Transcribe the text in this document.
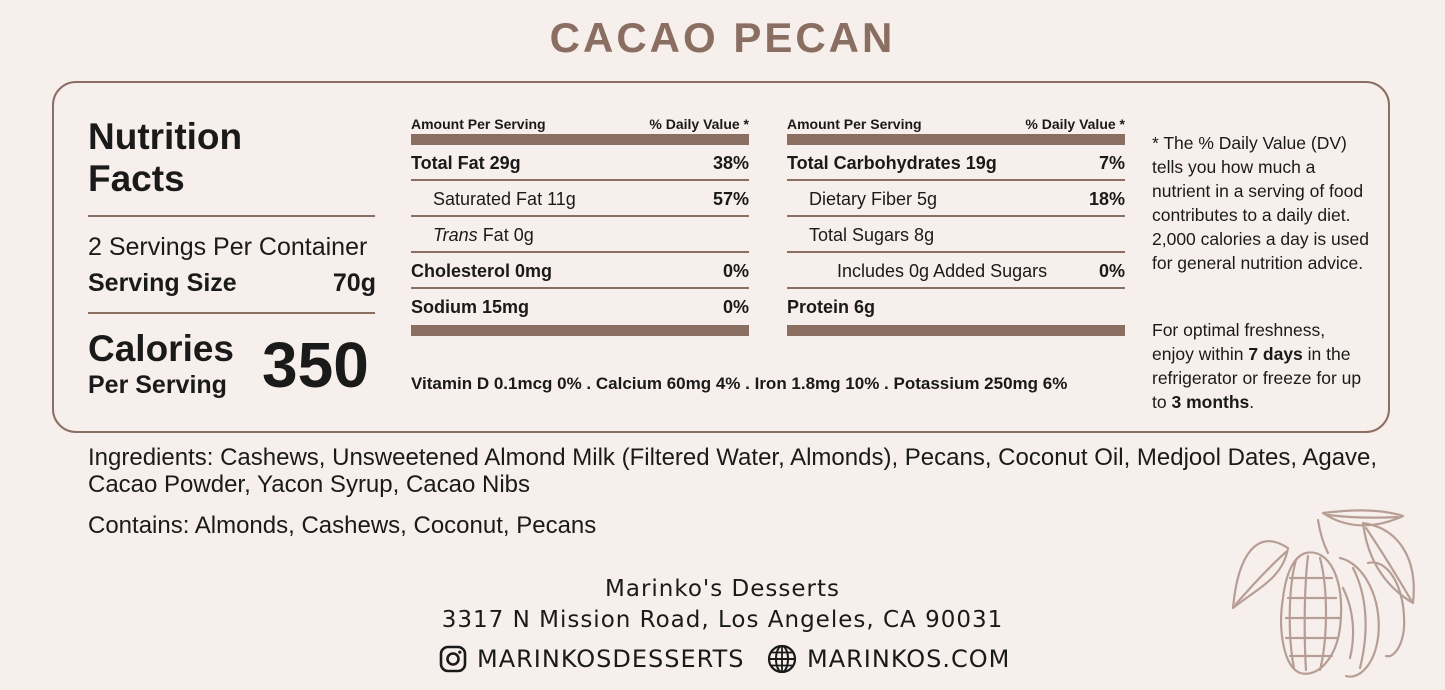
CACAO PECAN
Nutrition
Facts
2 Servings Per Container
Serving Size	70g
Calories
Per Serving 350
Amount Per Serving	% Daily Value *
Total Fat 29g	38%
Saturated Fat 11g	57%
Trans Fat 0g
Cholesterol 0mg	0%
Sodium 15mg	0%
Amount Per Serving	% Daily Value *
Total Carbohydrates 19g	7%
Dietary Fiber 5g	18%
Total Sugars 8g
Includes 0g Added Sugars	0%
Protein 6g
Vitamin D 0.1mcg 0% . Calcium 60mg 4% . Iron 1.8mg 10% . Potassium 250mg 6%
* The % Daily Value (DV) tells you how much a nutrient in a serving of food contributes to a daily diet. 2,000 calories a day is used for general nutrition advice.
For optimal freshness, enjoy within 7 days in the refrigerator or freeze for up to 3 months.
Ingredients: Cashews, Unsweetened Almond Milk (Filtered Water, Almonds), Pecans, Coconut Oil, Medjool Dates, Agave, Cacao Powder, Yacon Syrup, Cacao Nibs
Contains: Almonds, Cashews, Coconut, Pecans
Marinko's Desserts
3317 N Mission Road, Los Angeles, CA 90031
MARINKOSDESSERTS	MARINKOS.COM
